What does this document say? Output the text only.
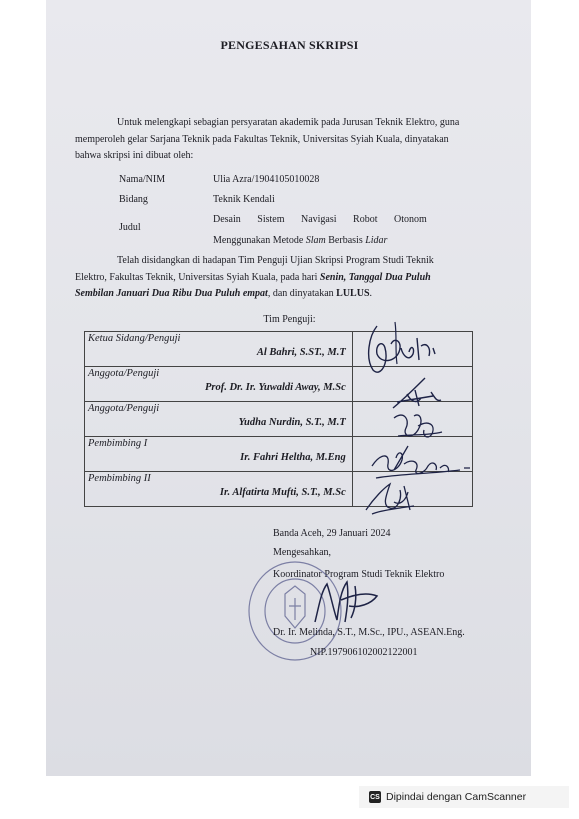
PENGESAHAN SKRIPSI

Untuk melengkapi sebagian persyaratan akademik pada Jurusan Teknik Elektro, guna

memperoleh gelar Sarjana Teknik pada Fakultas Teknik, Universitas Syiah Kuala, dinyatakan

bahwa skripsi ini dibuat oleh:

Nama/NIM	Ulia Azra/1904105010028
Bidang	Teknik Kendali
Judul
Desain Sistem Navigasi Robot Otonom
Menggunakan Metode Slam Berbasis Lidar

Telah disidangkan di hadapan Tim Penguji Ujian Skripsi Program Studi Teknik

Elektro, Fakultas Teknik, Universitas Syiah Kuala, pada hari Senin, Tanggal Dua Puluh

Sembilan Januari Dua Ribu Dua Puluh empat, dan dinyatakan LULUS.

Tim Penguji:
Ketua Sidang/Penguji
Al Bahri, S.ST., M.T	

Anggota/Penguji
Prof. Dr. Ir. Yuwaldi Away, M.Sc	

Anggota/Penguji
Yudha Nurdin, S.T., M.T	

Pembimbing I
Ir. Fahri Heltha, M.Eng	

Pembimbing II
Ir. Alfatirta Mufti, S.T., M.Sc	

Banda Aceh, 29 Januari 2024
Mengesahkan,
Koordinator Program Studi Teknik Elektro
Dr. Ir. Melinda, S.T., M.Sc., IPU., ASEAN.Eng.
NIP.197906102002122001
CS Dipindai dengan CamScanner
